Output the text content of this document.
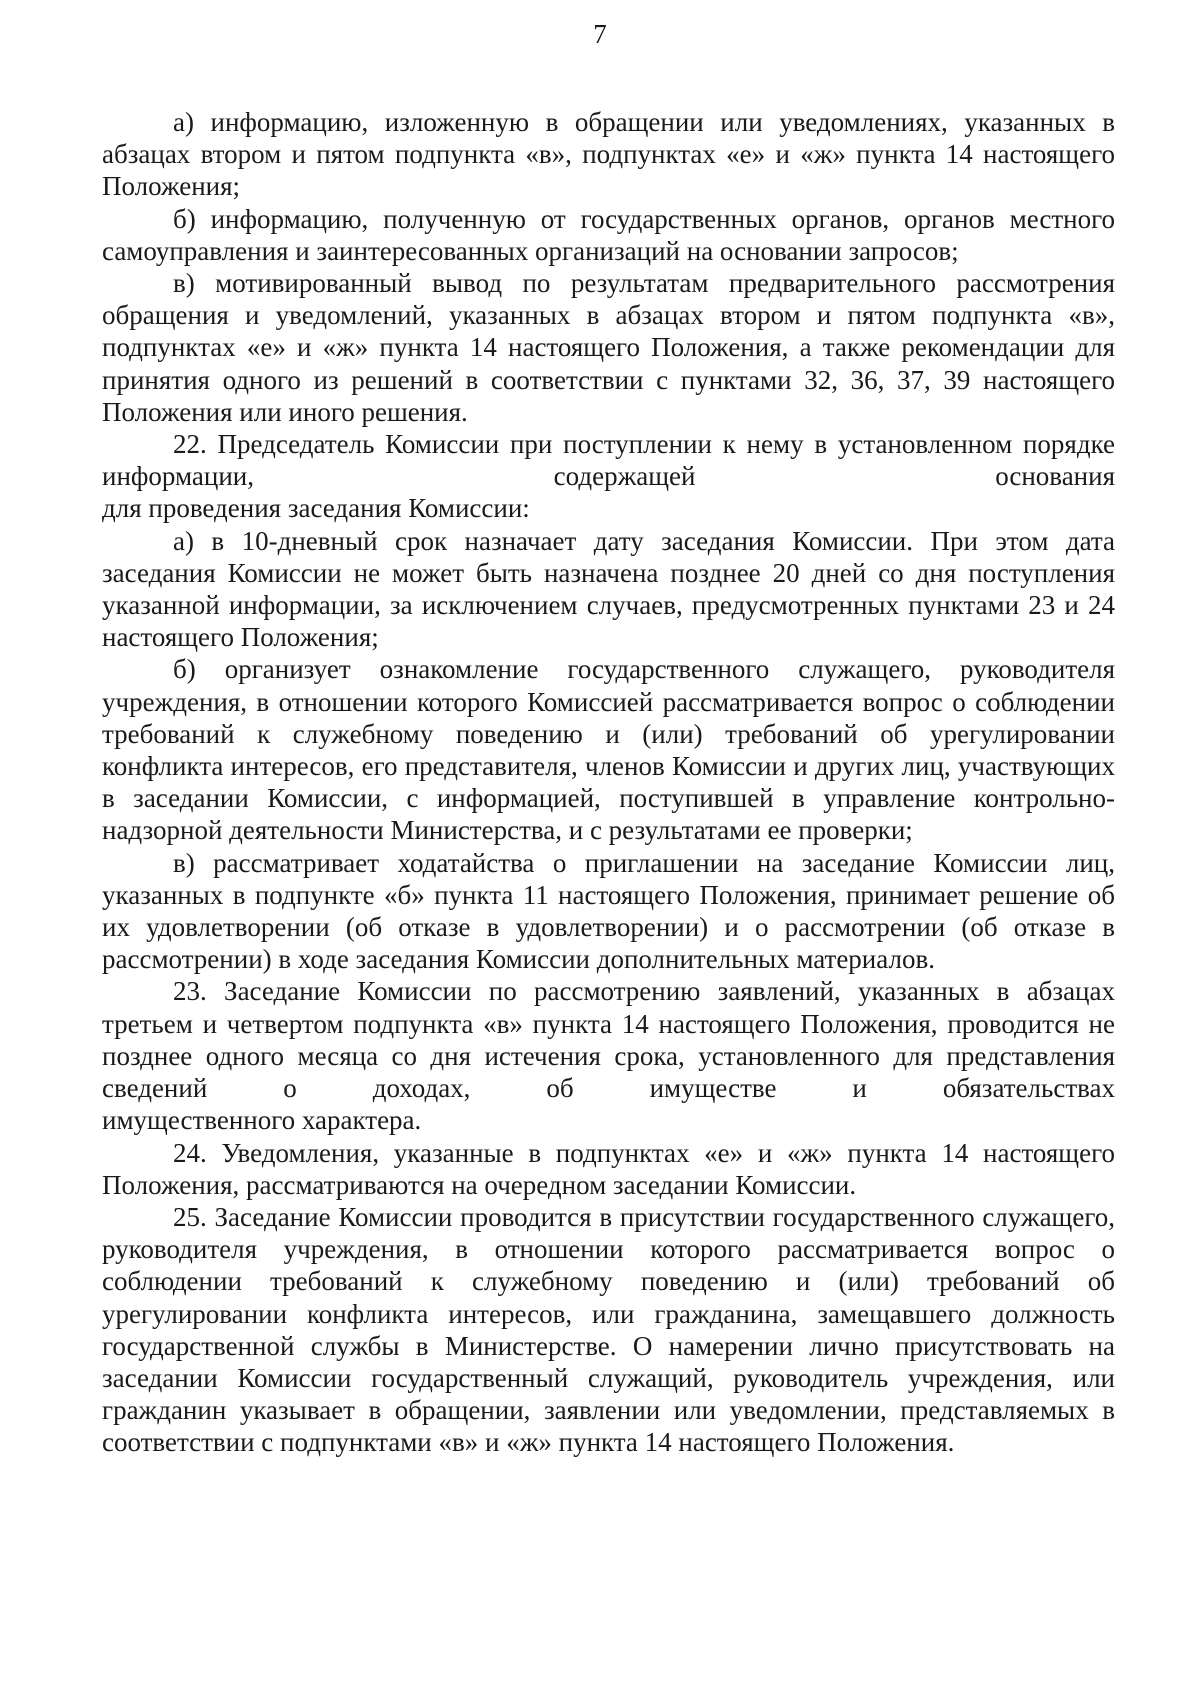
7

а) информацию, изложенную в обращении или уведомлениях, указанных в абзацах втором и пятом подпункта «в», подпунктах «е» и «ж» пункта 14 настоящего Положения;

б) информацию, полученную от государственных органов, органов местного самоуправления и заинтересованных организаций на основании запросов;

в) мотивированный вывод по результатам предварительного рассмотрения обращения и уведомлений, указанных в абзацах втором и пятом подпункта «в», подпунктах «е» и «ж» пункта 14 настоящего Положения, а также рекомендации для принятия одного из решений в соответствии с пунктами 32, 36, 37, 39 настоящего Положения или иного решения.

22. Председатель Комиссии при поступлении к нему в установленном порядке информации, содержащей основания

для проведения заседания Комиссии:

а) в 10-дневный срок назначает дату заседания Комиссии. При этом дата заседания Комиссии не может быть назначена позднее 20 дней со дня поступления указанной информации, за исключением случаев, предусмотренных пунктами 23 и 24 настоящего Положения;

б) организует ознакомление государственного служащего, руководителя учреждения, в отношении которого Комиссией рассматривается вопрос о соблюдении требований к служебному поведению и (или) требований об урегулировании конфликта интересов, его представителя, членов Комиссии и других лиц, участвующих в заседании Комиссии, с информацией, поступившей в управление контрольно-надзорной деятельности Министерства, и с результатами ее проверки;

в) рассматривает ходатайства о приглашении на заседание Комиссии лиц, указанных в подпункте «б» пункта 11 настоящего Положения, принимает решение об их удовлетворении (об отказе в удовлетворении) и о рассмотрении (об отказе в рассмотрении) в ходе заседания Комиссии дополнительных материалов.

23. Заседание Комиссии по рассмотрению заявлений, указанных в абзацах третьем и четвертом подпункта «в» пункта 14 настоящего Положения, проводится не позднее одного месяца со дня истечения срока, установленного для представления сведений о доходах, об имуществе и обязательствах

имущественного характера.

24. Уведомления, указанные в подпунктах «е» и «ж» пункта 14 настоящего Положения, рассматриваются на очередном заседании Комиссии.

25. Заседание Комиссии проводится в присутствии государственного служащего, руководителя учреждения, в отношении которого рассматривается вопрос о соблюдении требований к служебному поведению и (или) требований об урегулировании конфликта интересов, или гражданина, замещавшего должность государственной службы в Министерстве. О намерении лично присутствовать на заседании Комиссии государственный служащий, руководитель учреждения, или гражданин указывает в обращении, заявлении или уведомлении, представляемых в соответствии с подпунктами «в» и «ж» пункта 14 настоящего Положения.
